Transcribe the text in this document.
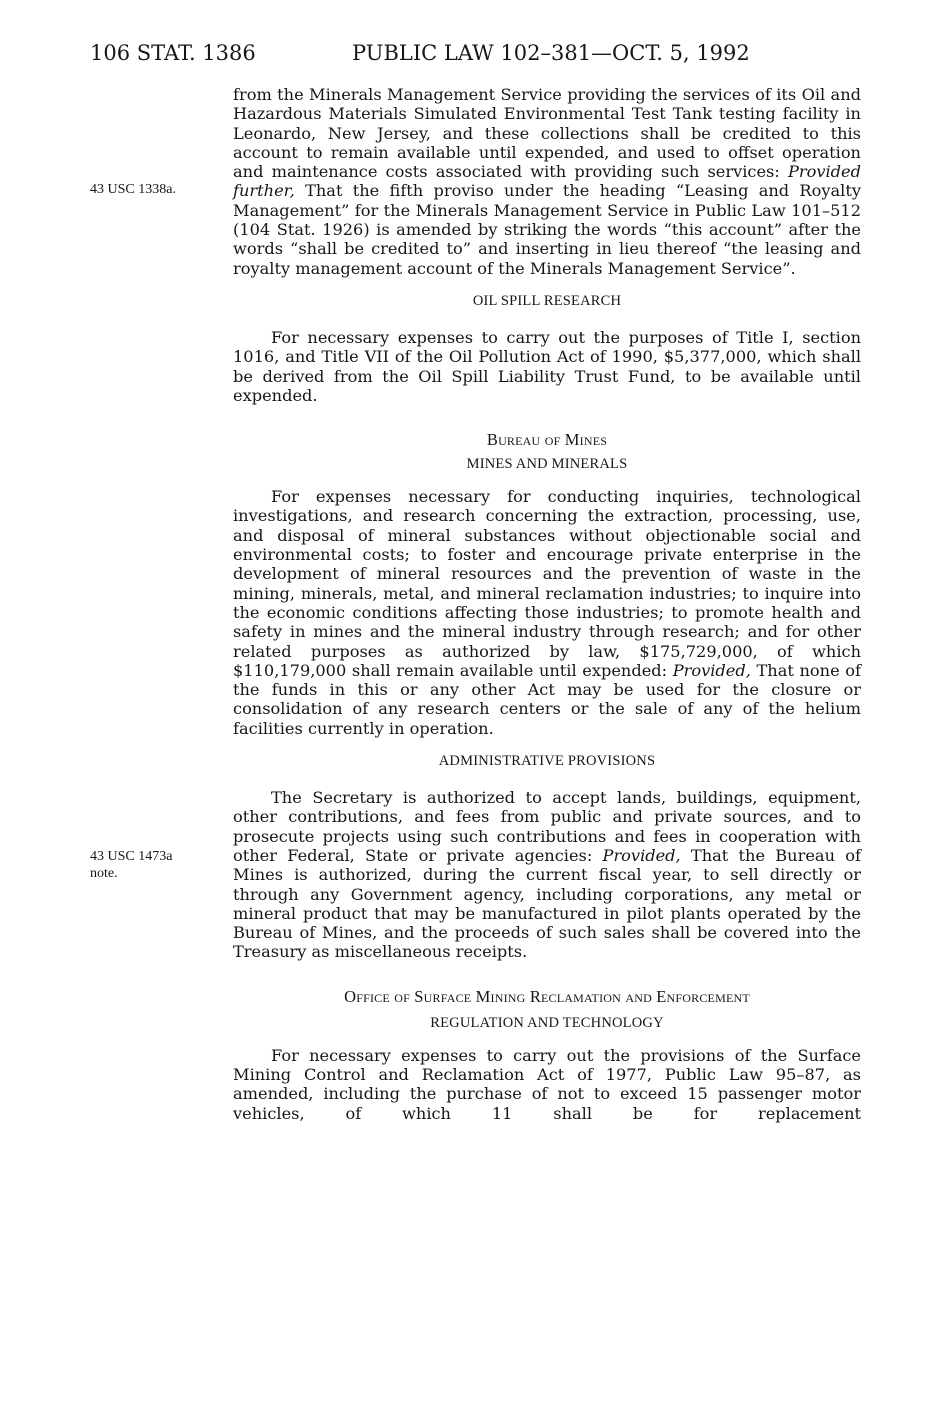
106 STAT. 1386	PUBLIC LAW 102–381—OCT. 5, 1992
43 USC 1338a.
43 USC 1473a note.

from the Minerals Management Service providing the services of its Oil and Hazardous Materials Simulated Environmental Test Tank testing facility in Leonardo, New Jersey, and these collections shall be credited to this account to remain available until expended, and used to offset operation and maintenance costs associated with providing such services: Provided further, That the fifth proviso under the heading “Leasing and Royalty Management” for the Minerals Management Service in Public Law 101–512 (104 Stat. 1926) is amended by striking the words “this account” after the words “shall be credited to” and inserting in lieu thereof “the leasing and royalty management account of the Minerals Management Service”.

OIL SPILL RESEARCH

For necessary expenses to carry out the purposes of Title I, section 1016, and Title VII of the Oil Pollution Act of 1990, $5,377,000, which shall be derived from the Oil Spill Liability Trust Fund, to be available until expended.

Bureau of Mines
MINES AND MINERALS

For expenses necessary for conducting inquiries, technological investigations, and research concerning the extraction, processing, use, and disposal of mineral substances without objectionable social and environmental costs; to foster and encourage private enterprise in the development of mineral resources and the prevention of waste in the mining, minerals, metal, and mineral reclamation industries; to inquire into the economic conditions affecting those industries; to promote health and safety in mines and the mineral industry through research; and for other related purposes as authorized by law, $175,729,000, of which $110,179,000 shall remain available until expended: Provided, That none of the funds in this or any other Act may be used for the closure or consolidation of any research centers or the sale of any of the helium facilities currently in operation.

ADMINISTRATIVE PROVISIONS

The Secretary is authorized to accept lands, buildings, equipment, other contributions, and fees from public and private sources, and to prosecute projects using such contributions and fees in cooperation with other Federal, State or private agencies: Provided, That the Bureau of Mines is authorized, during the current fiscal year, to sell directly or through any Government agency, including corporations, any metal or mineral product that may be manufactured in pilot plants operated by the Bureau of Mines, and the proceeds of such sales shall be covered into the Treasury as miscellaneous receipts.

Office of Surface Mining Reclamation and Enforcement
REGULATION AND TECHNOLOGY

For necessary expenses to carry out the provisions of the Surface Mining Control and Reclamation Act of 1977, Public Law 95–87, as amended, including the purchase of not to exceed 15 passenger motor vehicles, of which 11 shall be for replacement
